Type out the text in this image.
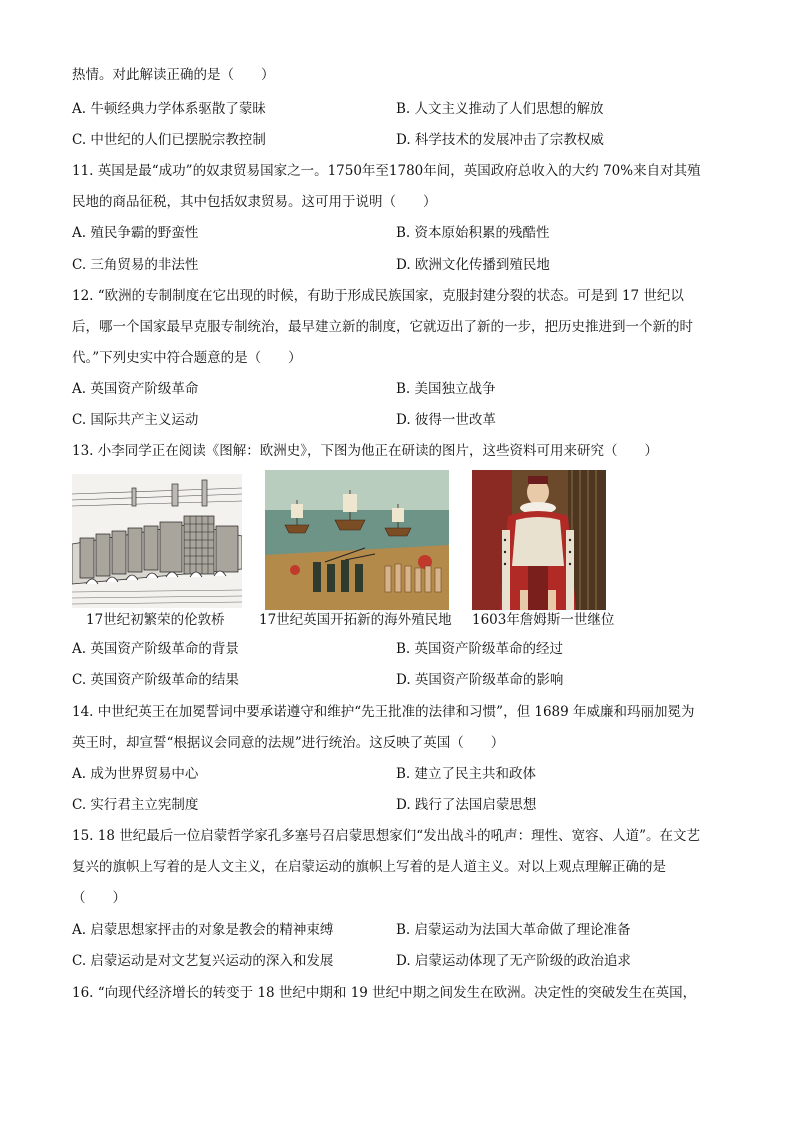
热情。对此解读正确的是（　　）
A. 牛顿经典力学体系驱散了蒙昧	B. 人文主义推动了人们思想的解放
C. 中世纪的人们已摆脱宗教控制	D. 科学技术的发展冲击了宗教权威
11. 英国是最“成功”的奴隶贸易国家之一。1750年至1780年间，英国政府总收入的大约 70%来自对其殖
民地的商品征税，其中包括奴隶贸易。这可用于说明（　　）
A. 殖民争霸的野蛮性	B. 资本原始积累的残酷性
C. 三角贸易的非法性	D. 欧洲文化传播到殖民地
12. “欧洲的专制制度在它出现的时候，有助于形成民族国家，克服封建分裂的状态。可是到 17 世纪以
后，哪一个国家最早克服专制统治，最早建立新的制度，它就迈出了新的一步，把历史推进到一个新的时
代。”下列史实中符合题意的是（　　）
A. 英国资产阶级革命	B. 美国独立战争
C. 国际共产主义运动	D. 彼得一世改革
13. 小李同学正在阅读《图解：欧洲史》，下图为他正在研读的图片，这些资料可用来研究（　　）
17世纪初繁荣的伦敦桥	17世纪英国开拓新的海外殖民地 1603年詹姆斯一世继位
A. 英国资产阶级革命的背景	B. 英国资产阶级革命的经过
C. 英国资产阶级革命的结果	D. 英国资产阶级革命的影响
14. 中世纪英王在加冕誓词中要承诺遵守和维护“先王批准的法律和习惯”，但 1689 年威廉和玛丽加冕为
英王时，却宣誓“根据议会同意的法规”进行统治。这反映了英国（　　）
A. 成为世界贸易中心	B. 建立了民主共和政体
C. 实行君主立宪制度	D. 践行了法国启蒙思想
15. 18 世纪最后一位启蒙哲学家孔多塞号召启蒙思想家们“发出战斗的吼声：理性、宽容、人道”。在文艺
复兴的旗帜上写着的是人文主义，在启蒙运动的旗帜上写着的是人道主义。对以上观点理解正确的是
（　　）
A. 启蒙思想家抨击的对象是教会的精神束缚	B. 启蒙运动为法国大革命做了理论准备
C. 启蒙运动是对文艺复兴运动的深入和发展	D. 启蒙运动体现了无产阶级的政治追求
16. “向现代经济增长的转变于 18 世纪中期和 19 世纪中期之间发生在欧洲。决定性的突破发生在英国，
